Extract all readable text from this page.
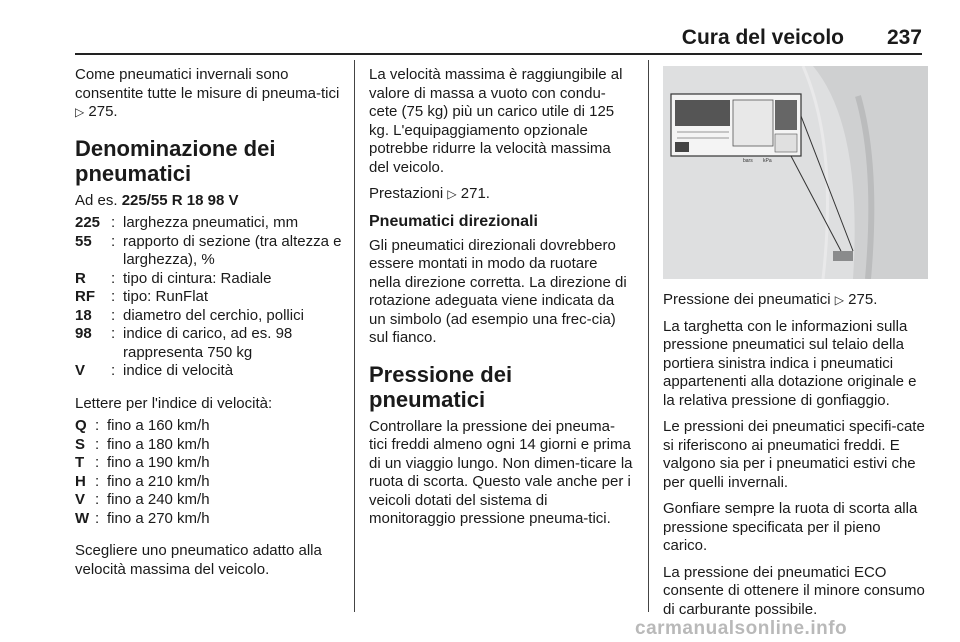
Cura del veicolo 237

Come pneumatici invernali sono consentite tutte le misure di pneuma-tici ▷ 275.

Denominazione dei pneumatici

Ad es. 225/55 R 18 98 V

225 : larghezza pneumatici, mm
55	: rapporto di sezione (tra altezza e larghezza), %
R	: tipo di cintura: Radiale
RF	: tipo: RunFlat
18	: diametro del cerchio, pollici
98	: indice di carico, ad es. 98 rappresenta 750 kg
V	: indice di velocità

Lettere per l'indice di velocità:

Q : fino a 160 km/h
S : fino a 180 km/h
T : fino a 190 km/h
H : fino a 210 km/h
V : fino a 240 km/h
W : fino a 270 km/h

Scegliere uno pneumatico adatto alla velocità massima del veicolo.

La velocità massima è raggiungibile al valore di massa a vuoto con condu-cete (75 kg) più un carico utile di 125 kg. L'equipaggiamento opzionale potrebbe ridurre la velocità massima del veicolo.

Prestazioni ▷ 271.

Pneumatici direzionali

Gli pneumatici direzionali dovrebbero essere montati in modo da ruotare nella direzione corretta. La direzione di rotazione adeguata viene indicata da un simbolo (ad esempio una frec-cia) sul fianco.

Pressione dei pneumatici

Controllare la pressione dei pneuma-tici freddi almeno ogni 14 giorni e prima di un viaggio lungo. Non dimen-ticare la ruota di scorta. Questo vale anche per i veicoli dotati del sistema di monitoraggio pressione pneuma-tici.

bars kPa

Pressione dei pneumatici ▷ 275.

La targhetta con le informazioni sulla pressione pneumatici sul telaio della portiera sinistra indica i pneumatici appartenenti alla dotazione originale e la relativa pressione di gonfiaggio.

Le pressioni dei pneumatici specifi-cate si riferiscono ai pneumatici freddi. E valgono sia per i pneumatici estivi che per quelli invernali.

Gonfiare sempre la ruota di scorta alla pressione specificata per il pieno carico.

La pressione dei pneumatici ECO consente di ottenere il minore consumo di carburante possibile.

carmanualsonline.info
